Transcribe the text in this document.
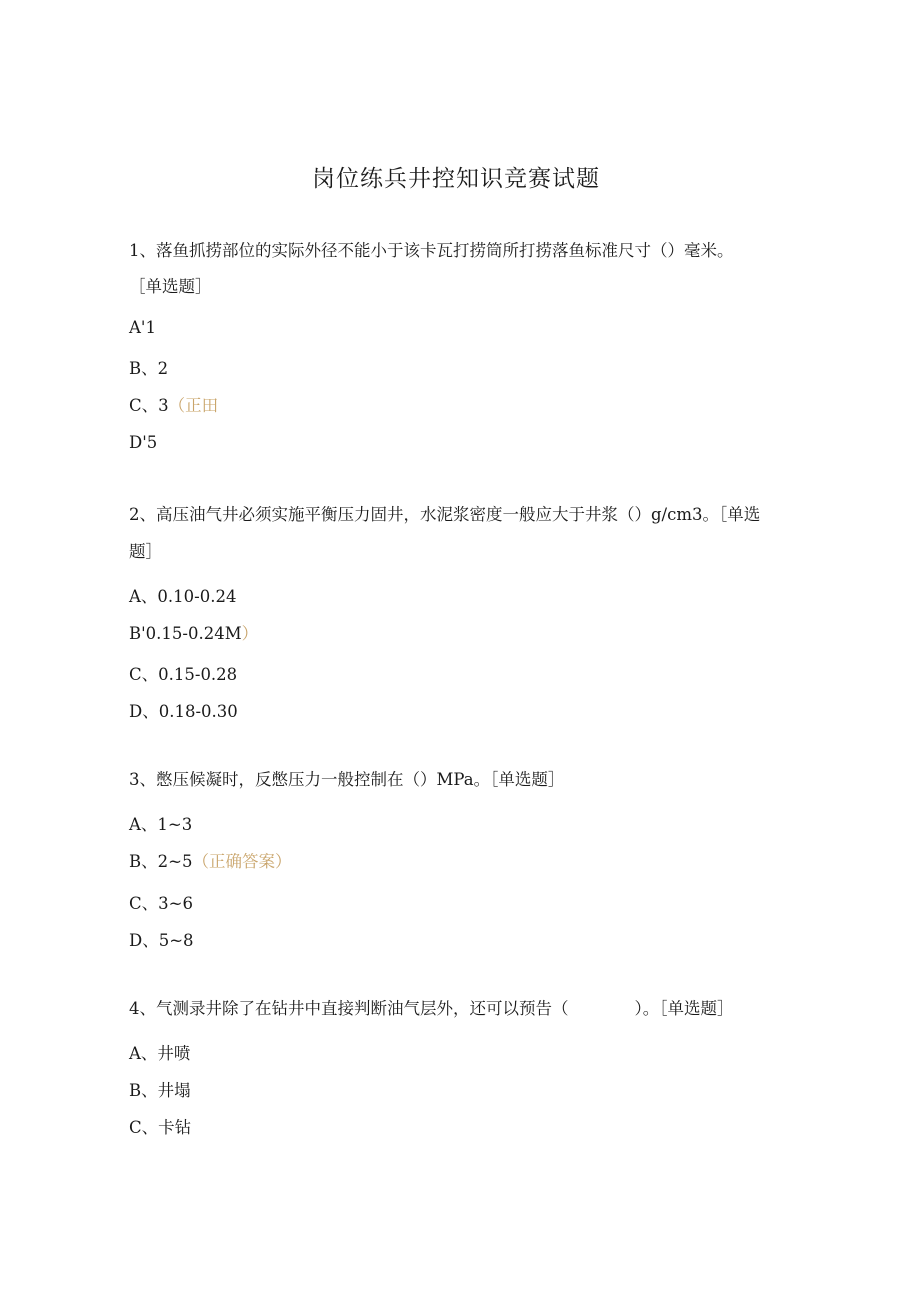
岗位练兵井控知识竞赛试题
1、落鱼抓捞部位的实际外径不能小于该卡瓦打捞筒所打捞落鱼标准尺寸（）毫米。
［单选题］
A'1
B、2
C、3（正田
D'5
2、高压油气井必须实施平衡压力固井，水泥浆密度一般应大于井浆（）g/cm3。［单选
题］
A、0.10-0.24
B'0.15-0.24M）
C、0.15-0.28
D、0.18-0.30
3、憋压候凝时，反憋压力一般控制在（）MPa。［单选题］
A、1~3
B、2~5（正确答案）
C、3~6
D、5~8
4、气测录井除了在钻井中直接判断油气层外，还可以预告（　　　　）。［单选题］
A、井喷
B、井塌
C、卡钻
